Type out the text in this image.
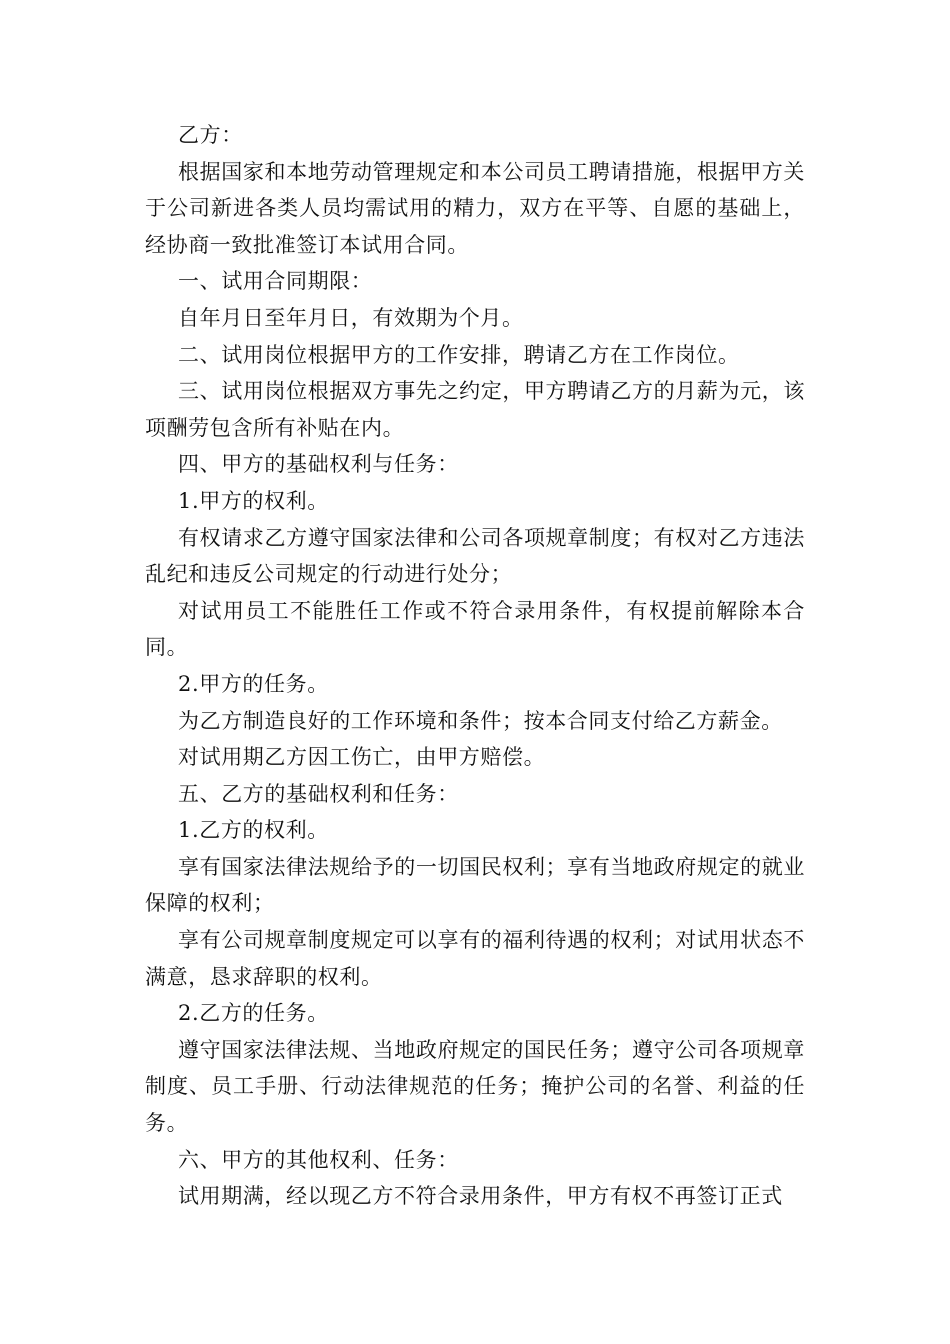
乙方：

根据国家和本地劳动管理规定和本公司员工聘请措施，根据甲方关于公司新进各类人员均需试用的精力，双方在平等、自愿的基础上，经协商一致批准签订本试用合同。

一、试用合同期限：

自年月日至年月日，有效期为个月。

二、试用岗位根据甲方的工作安排，聘请乙方在工作岗位。

三、试用岗位根据双方事先之约定，甲方聘请乙方的月薪为元，该项酬劳包含所有补贴在内。

四、甲方的基础权利与任务：

1.甲方的权利。

有权请求乙方遵守国家法律和公司各项规章制度；有权对乙方违法乱纪和违反公司规定的行动进行处分；

对试用员工不能胜任工作或不符合录用条件，有权提前解除本合同。

2.甲方的任务。

为乙方制造良好的工作环境和条件；按本合同支付给乙方薪金。

对试用期乙方因工伤亡，由甲方赔偿。

五、乙方的基础权利和任务：

1.乙方的权利。

享有国家法律法规给予的一切国民权利；享有当地政府规定的就业保障的权利；

享有公司规章制度规定可以享有的福利待遇的权利；对试用状态不满意，恳求辞职的权利。

2.乙方的任务。

遵守国家法律法规、当地政府规定的国民任务；遵守公司各项规章制度、员工手册、行动法律规范的任务；掩护公司的名誉、利益的任务。

六、甲方的其他权利、任务：

试用期满，经以现乙方不符合录用条件，甲方有权不再签订正式
